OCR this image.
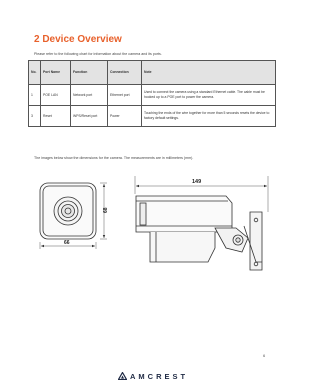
2 Device Overview
Please refer to the following chart for information about the camera and its ports.
No.	Port Name	Function	Connection	Note
1	POE LAN	Network port	Ethernet port	Used to connect the camera using a standard Ethernet cable. The cable must be hooked up to a POE port to power the camera.
3	Reset	WPS/Reset port	Power	Touching the ends of the wire together for more than 5 seconds resets the device to factory default settings.
The images below show the dimensions for the camera. The measurements are in millimeters (mm).
68
66
149
6
AMCREST
